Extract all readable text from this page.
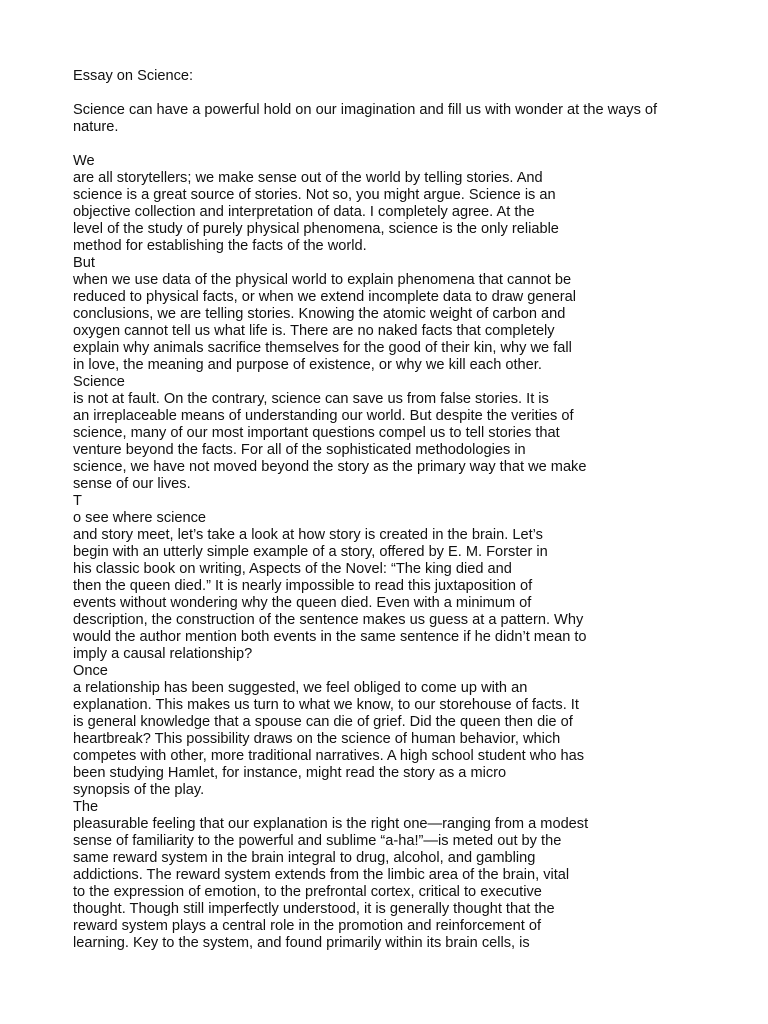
Essay on Science:
Science can have a powerful hold on our imagination and fill us with wonder at the ways of
nature.
We
are all storytellers; we make sense out of the world by telling stories. And
science is a great source of stories. Not so, you might argue. Science is an
objective collection and interpretation of data. I completely agree. At the
level of the study of purely physical phenomena, science is the only reliable
method for establishing the facts of the world.
But
when we use data of the physical world to explain phenomena that cannot be
reduced to physical facts, or when we extend incomplete data to draw general
conclusions, we are telling stories. Knowing the atomic weight of carbon and
oxygen cannot tell us what life is. There are no naked facts that completely
explain why animals sacrifice themselves for the good of their kin, why we fall
in love, the meaning and purpose of existence, or why we kill each other.
Science
is not at fault. On the contrary, science can save us from false stories. It is
an irreplaceable means of understanding our world. But despite the verities of
science, many of our most important questions compel us to tell stories that
venture beyond the facts. For all of the sophisticated methodologies in
science, we have not moved beyond the story as the primary way that we make
sense of our lives.
T
o see where science
and story meet, let’s take a look at how story is created in the brain. Let’s
begin with an utterly simple example of a story, offered by E. M. Forster in
his classic book on writing, Aspects of the Novel: “The king died and
then the queen died.” It is nearly impossible to read this juxtaposition of
events without wondering why the queen died. Even with a minimum of
description, the construction of the sentence makes us guess at a pattern. Why
would the author mention both events in the same sentence if he didn’t mean to
imply a causal relationship?
Once
a relationship has been suggested, we feel obliged to come up with an
explanation. This makes us turn to what we know, to our storehouse of facts. It
is general knowledge that a spouse can die of grief. Did the queen then die of
heartbreak? This possibility draws on the science of human behavior, which
competes with other, more traditional narratives. A high school student who has
been studying Hamlet, for instance, might read the story as a micro
synopsis of the play.
The
pleasurable feeling that our explanation is the right one—ranging from a modest
sense of familiarity to the powerful and sublime “a-ha!”—is meted out by the
same reward system in the brain integral to drug, alcohol, and gambling
addictions. The reward system extends from the limbic area of the brain, vital
to the expression of emotion, to the prefrontal cortex, critical to executive
thought. Though still imperfectly understood, it is generally thought that the
reward system plays a central role in the promotion and reinforcement of
learning. Key to the system, and found primarily within its brain cells, is
